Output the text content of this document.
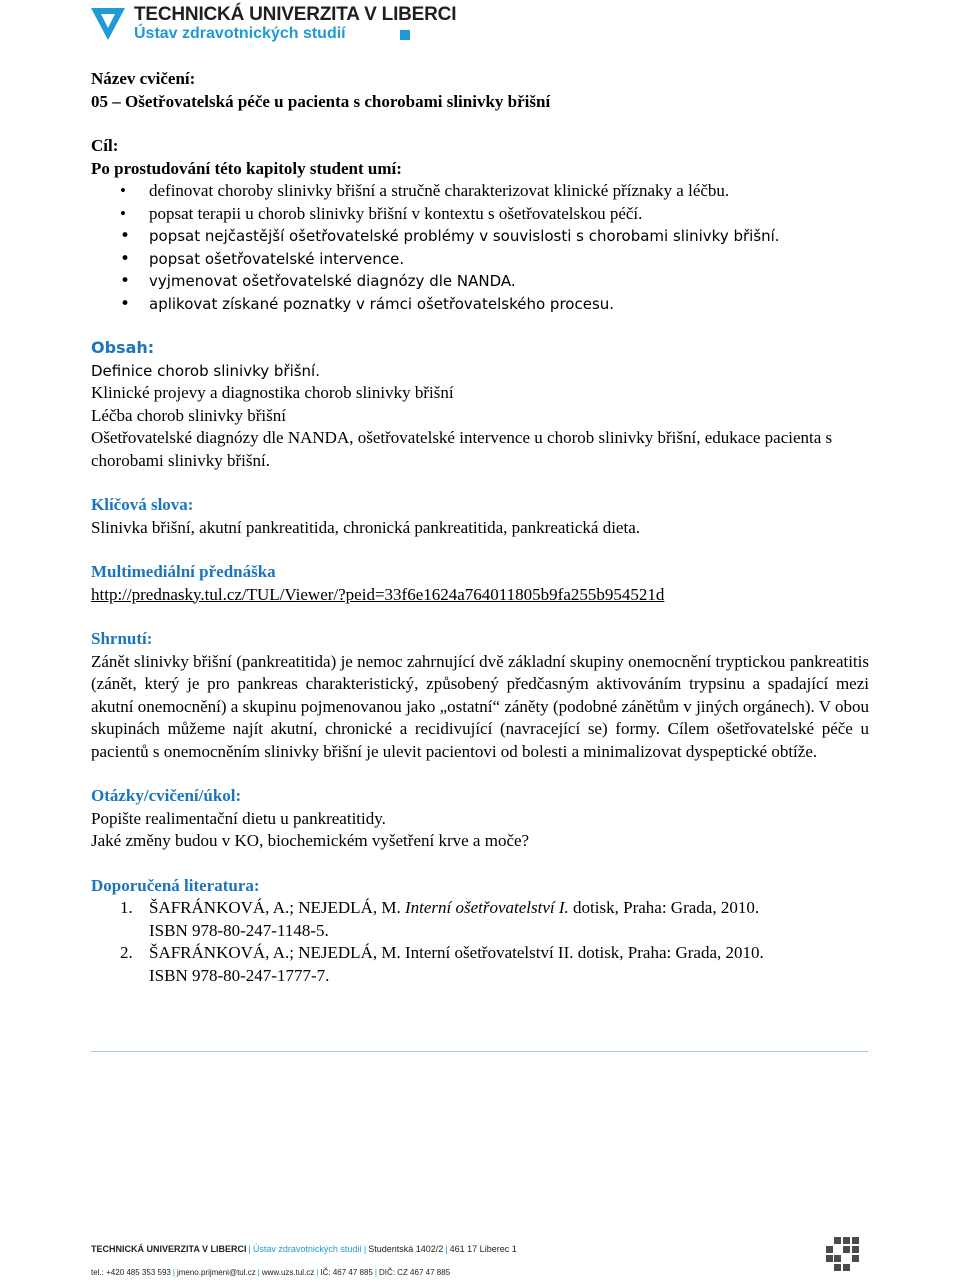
TECHNICKÁ UNIVERZITA V LIBERCI
Ústav zdravotnických studií

Název cvičení:

05 – Ošetřovatelská péče u pacienta s chorobami slinivky břišní

Cíl:

Po prostudování této kapitoly student umí:

• definovat choroby slinivky břišní a stručně charakterizovat klinické příznaky a léčbu.
• popsat terapii u chorob slinivky břišní v kontextu s ošetřovatelskou péčí.
• popsat nejčastější ošetřovatelské problémy v souvislosti s chorobami slinivky břišní.
• popsat ošetřovatelské intervence.
• vyjmenovat ošetřovatelské diagnózy dle NANDA.
• aplikovat získané poznatky v rámci ošetřovatelského procesu.

Obsah:

Definice chorob slinivky břišní.

Klinické projevy a diagnostika chorob slinivky břišní

Léčba chorob slinivky břišní

Ošetřovatelské diagnózy dle NANDA, ošetřovatelské intervence u chorob slinivky břišní, edukace pacienta s chorobami slinivky břišní.

Klíčová slova:

Slinivka břišní, akutní pankreatitida, chronická pankreatitida, pankreatická dieta.

Multimediální přednáška

http://prednasky.tul.cz/TUL/Viewer/?peid=33f6e1624a764011805b9fa255b954521d

Shrnutí:

Zánět slinivky břišní (pankreatitida) je nemoc zahrnující dvě základní skupiny onemocnění tryptickou pankreatitis (zánět, který je pro pankreas charakteristický, způsobený předčasným aktivováním trypsinu a spadající mezi akutní onemocnění) a skupinu pojmenovanou jako „ostatní“ záněty (podobné zánětům v jiných orgánech). V obou skupinách můžeme najít akutní, chronické a recidivující (navracející se) formy. Cílem ošetřovatelské péče u pacientů s onemocněním slinivky břišní je ulevit pacientovi od bolesti a minimalizovat dyspeptické obtíže.

Otázky/cvičení/úkol:

Popište realimentační dietu u pankreatitidy.

Jaké změny budou v KO, biochemickém vyšetření krve a moče?

Doporučená literatura:

1. ŠAFRÁNKOVÁ, A.; NEJEDLÁ, M. Interní ošetřovatelství I. dotisk, Praha: Grada, 2010.
ISBN 978-80-247-1148-5.
2. ŠAFRÁNKOVÁ, A.; NEJEDLÁ, M. Interní ošetřovatelství II. dotisk, Praha: Grada, 2010.
ISBN 978-80-247-1777-7.
TECHNICKÁ UNIVERZITA V LIBERCI | Ústav zdravotnických studií | Studentská 1402/2 | 461 17 Liberec 1
tel.: +420 485 353 593 | jmeno.prijmeni@tul.cz | www.uzs.tul.cz | IČ: 467 47 885 | DIČ: CZ 467 47 885
